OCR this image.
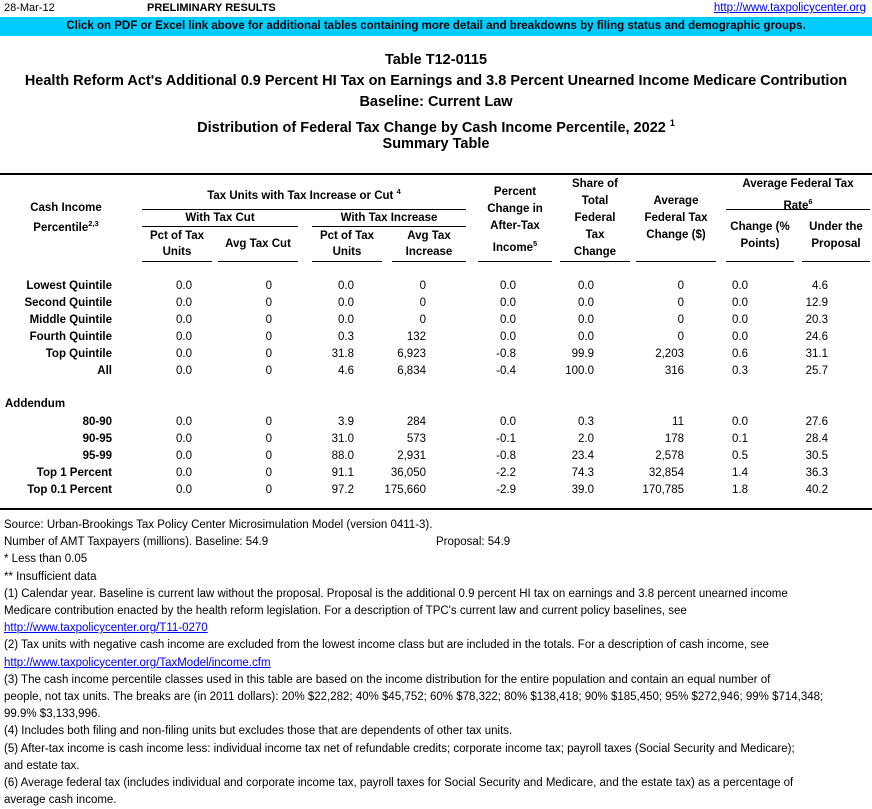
28-Mar-12	PRELIMINARY RESULTS	http://www.taxpolicycenter.org
Click on PDF or Excel link above for additional tables containing more detail and breakdowns by filing status and demographic groups.
Table T12-0115
Health Reform Act's Additional 0.9 Percent HI Tax on Earnings and 3.8 Percent Unearned Income Medicare Contribution
Baseline: Current Law
Distribution of Federal Tax Change by Cash Income Percentile, 2022 $^1$
Summary Table
Cash Income
Percentile$^{2,3}$
Tax Units with Tax Increase or Cut $^4$
With Tax Cut	With Tax Increase
Pct of Tax
Units
Avg Tax Cut
Pct of Tax
Units
Avg Tax
Increase
Percent
Change in
After-Tax
Income$^5$
Share of
Total
Federal
Tax
Change
Average
Federal Tax
Change ($)
Average Federal Tax
Rate$^6$
Change (%
Points)
Under the
Proposal
Lowest Quintile	0.0	0	0.0	0	0.0	0.0	0	0.0	4.6
Second Quintile	0.0	0	0.0	0	0.0	0.0	0	0.0	12.9
Middle Quintile	0.0	0	0.0	0	0.0	0.0	0	0.0	20.3
Fourth Quintile	0.0	0	0.3	132	0.0	0.0	0	0.0	24.6
Top Quintile	0.0	0	31.8	6,923	-0.8	99.9	2,203	0.6	31.1
All	0.0	0	4.6	6,834	-0.4	100.0	316	0.3	25.7
Addendum
80-90	0.0	0	3.9	284	0.0	0.3	11	0.0	27.6
90-95	0.0	0	31.0	573	-0.1	2.0	178	0.1	28.4
95-99	0.0	0	88.0	2,931	-0.8	23.4	2,578	0.5	30.5
Top 1 Percent	0.0	0	91.1	36,050	-2.2	74.3	32,854	1.4	36.3
Top 0.1 Percent	0.0	0	97.2	175,660	-2.9	39.0	170,785	1.8	40.2
Source: Urban-Brookings Tax Policy Center Microsimulation Model (version 0411-3).
Number of AMT Taxpayers (millions). Baseline: 54.9	Proposal: 54.9
* Less than 0.05
** Insufficient data
(1) Calendar year. Baseline is current law without the proposal. Proposal is the additional 0.9 percent HI tax on earnings and 3.8 percent unearned income
Medicare contribution enacted by the health reform legislation. For a description of TPC's current law and current policy baselines, see
http://www.taxpolicycenter.org/T11-0270
(2) Tax units with negative cash income are excluded from the lowest income class but are included in the totals. For a description of cash income, see
http://www.taxpolicycenter.org/TaxModel/income.cfm
(3) The cash income percentile classes used in this table are based on the income distribution for the entire population and contain an equal number of
people, not tax units. The breaks are (in 2011 dollars): 20% $22,282; 40% $45,752; 60% $78,322; 80% $138,418; 90% $185,450; 95% $272,946; 99% $714,348;
99.9% $3,133,996.
(4) Includes both filing and non-filing units but excludes those that are dependents of other tax units.
(5) After-tax income is cash income less: individual income tax net of refundable credits; corporate income tax; payroll taxes (Social Security and Medicare);
and estate tax.
(6) Average federal tax (includes individual and corporate income tax, payroll taxes for Social Security and Medicare, and the estate tax) as a percentage of
average cash income.
